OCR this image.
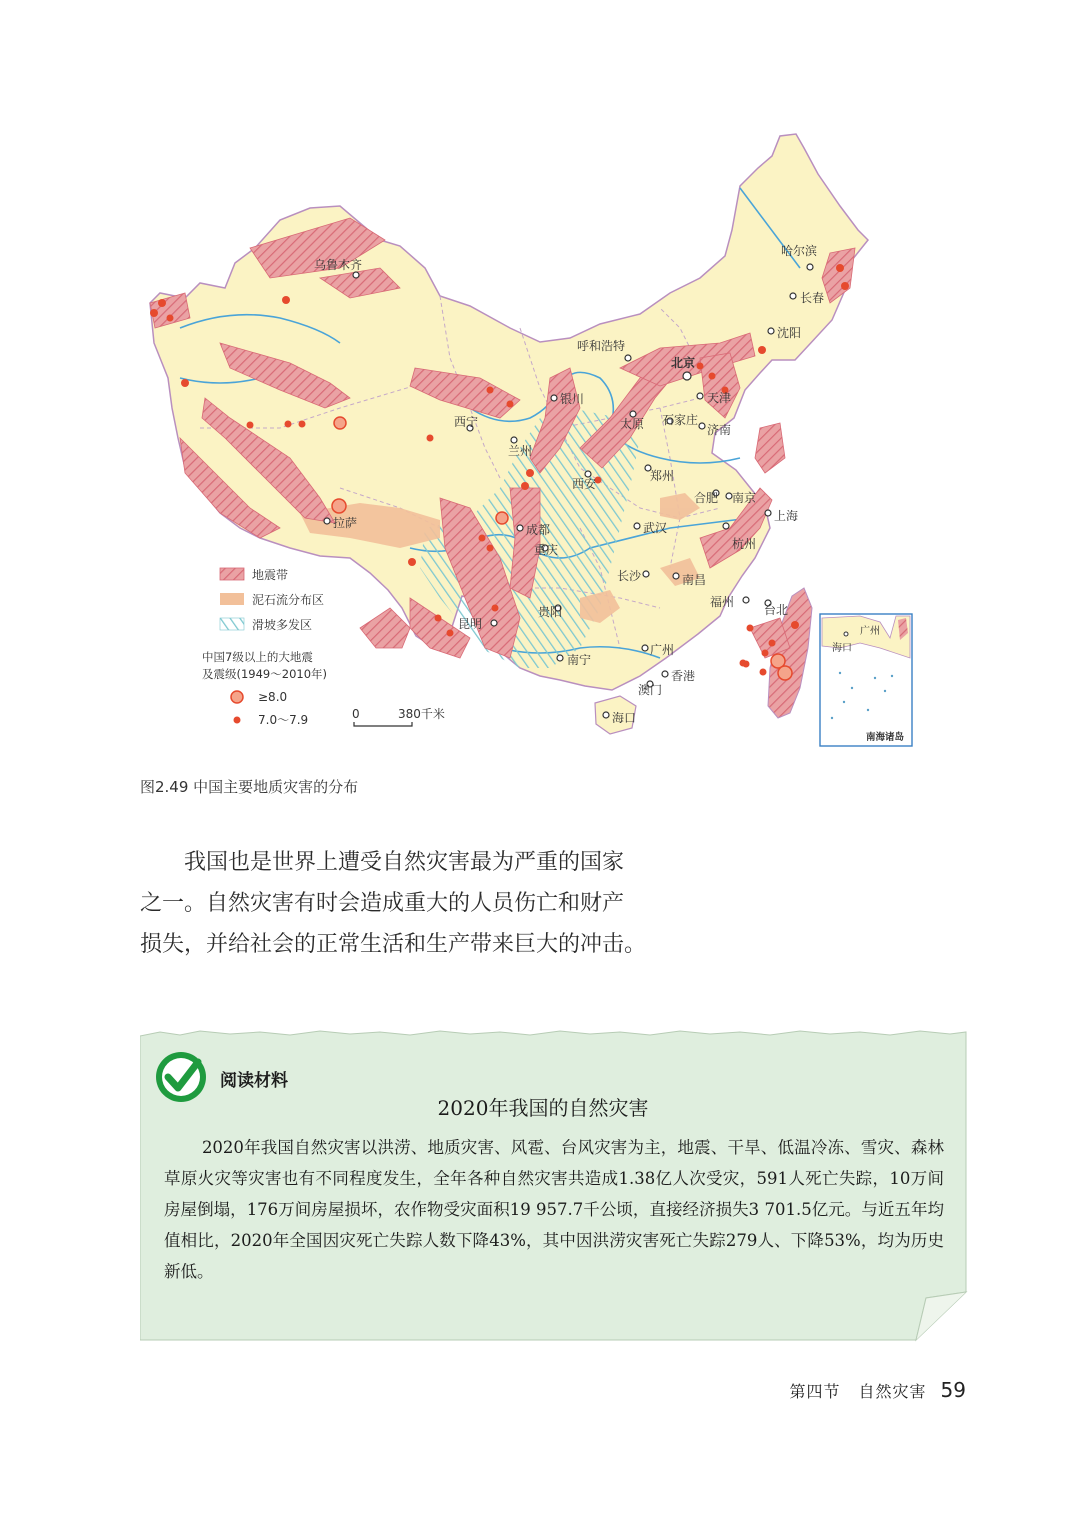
乌鲁木齐
哈尔滨
长春
沈阳
呼和浩特
北京
天津
银川
石家庄
太原	济南
西宁
兰州
郑州
西安
合肥 南京
上海
拉萨	成都	武汉
杭州
重庆
长沙	南昌
福州
台北
贵阳
昆明
广州
南宁
香港
澳门
海口
地震带
泥石流分布区
滑坡多发区
中国7级以上的大地震
及震级(1949～2010年)
≥8.0
7.0～7.9	0	380千米
广州
海口
南海诸岛
图2.49 中国主要地质灾害的分布

我国也是世界上遭受自然灾害最为严重的国家

之一。自然灾害有时会造成重大的人员伤亡和财产

损失，并给社会的正常生活和生产带来巨大的冲击。

阅读材料
2020年我国的自然灾害

2020年我国自然灾害以洪涝、地质灾害、风雹、台风灾害为主，地震、干旱、低温冷冻、雪灾、森林草原火灾等灾害也有不同程度发生，全年各种自然灾害共造成1.38亿人次受灾，591人死亡失踪，10万间房屋倒塌，176万间房屋损坏，农作物受灾面积19 957.7千公顷，直接经济损失3 701.5亿元。与近五年均值相比，2020年全国因灾死亡失踪人数下降43%，其中因洪涝灾害死亡失踪279人、下降53%，均为历史新低。

第四节 自然灾害 59
